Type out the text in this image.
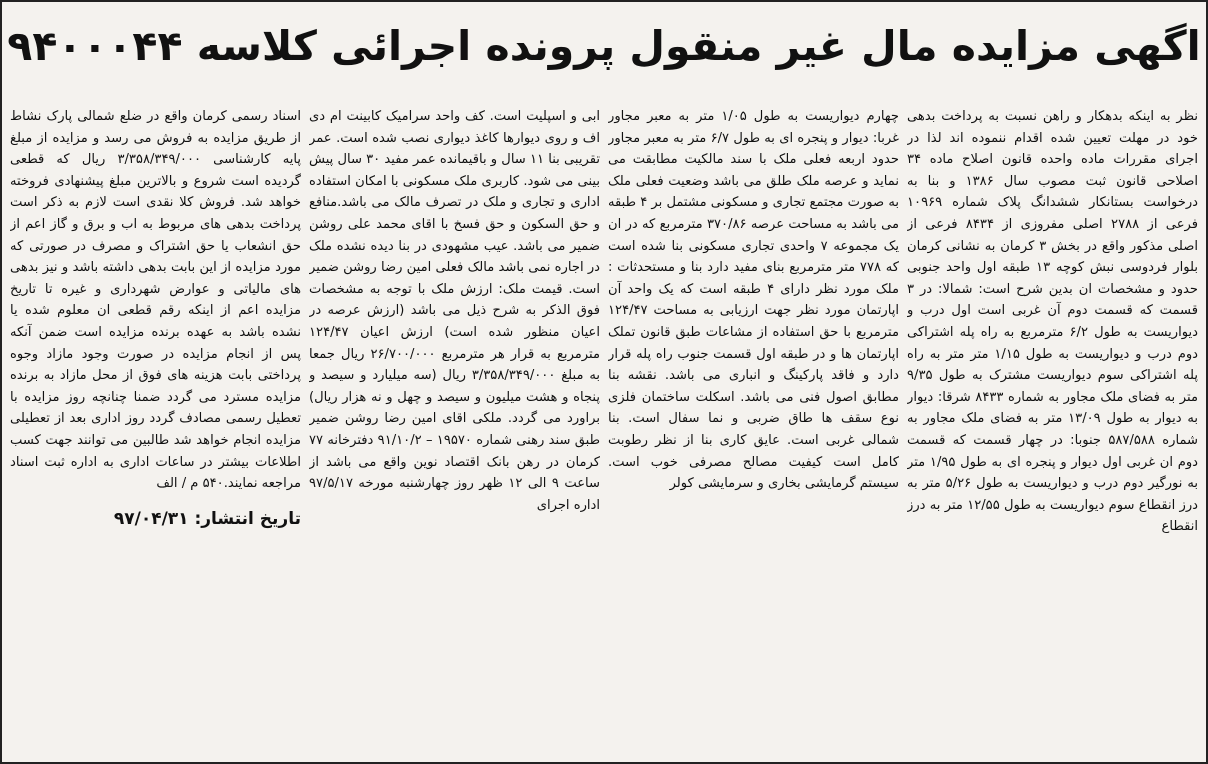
اگهی مزایده مال غیر منقول پرونده اجرائی کلاسه ۹۴۰۰۰۴۴

نظر به اینکه بدهکار و راهن نسبت به پرداخت بدهی خود در مهلت تعیین شده اقدام ننموده اند لذا در اجرای مقررات ماده واحده قانون اصلاح ماده ۳۴ اصلاحی قانون ثبت مصوب سال ۱۳۸۶ و بنا به درخواست بستانکار ششدانگ پلاک شماره ۱۰۹۶۹ فرعی از ۲۷۸۸ اصلی مفروزی از ۸۴۳۴ فرعی از اصلی مذکور واقع در بخش ۳ کرمان به نشانی کرمان بلوار فردوسی نبش کوچه ۱۳ طبقه اول واحد جنوبی حدود و مشخصات ان بدین شرح است: شمالا: در ۳ قسمت که قسمت دوم آن غربی است اول درب و دیواریست به طول ۶/۲ مترمربع به راه پله اشتراکی دوم درب و دیواریست به طول ۱/۱۵ متر متر به راه پله اشتراکی سوم دیواریست مشترک به طول ۹/۳۵ متر به فضای ملک مجاور به شماره ۸۴۳۳ شرقا: دیوار به دیوار به طول ۱۳/۰۹ متر به فضای ملک مجاور به شماره ۵۸۷/۵۸۸ جنوبا: در چهار قسمت که قسمت دوم ان غربی اول دیوار و پنجره ای به طول ۱/۹۵ متر به نورگیر دوم درب و دیواریست به طول ۵/۲۶ متر به درز انقطاع سوم دیواریست به طول ۱۲/۵۵ متر به درز انقطاع

چهارم دیواریست به طول ۱/۰۵ متر به معبر مجاور غربا: دیوار و پنجره ای به طول ۶/۷ متر به معبر مجاور حدود اربعه فعلی ملک با سند مالکیت مطابقت می نماید و عرصه ملک طلق می باشد وضعیت فعلی ملک به صورت مجتمع تجاری و مسکونی مشتمل بر ۴ طبقه می باشد به مساحت عرصه ۳۷۰/۸۶ مترمربع که در ان یک مجموعه ۷ واحدی تجاری مسکونی بنا شده است که ۷۷۸ متر مترمربع بنای مفید دارد بنا و مستحدثات : ملک مورد نظر دارای ۴ طبقه است که یک واحد آن اپارتمان مورد نظر جهت ارزیابی به مساحت ۱۲۴/۴۷ مترمربع با حق استفاده از مشاعات طبق قانون تملک اپارتمان ها و در طبقه اول قسمت جنوب راه پله قرار دارد و فاقد پارکینگ و انباری می باشد. نقشه بنا مطابق اصول فنی می باشد. اسکلت ساختمان فلزی نوع سقف ها طاق ضربی و نما سفال است. بنا شمالی غربی است. عایق کاری بنا از نظر رطوبت کامل است کیفیت مصالح مصرفی خوب است. سیستم گرمایشی بخاری و سرمایشی کولر

ابی و اسپلیت است. کف واحد سرامیک کابینت ام دی اف و روی دیوارها کاغذ دیواری نصب شده است. عمر تقریبی بنا ۱۱ سال و باقیمانده عمر مفید ۳۰ سال پیش بینی می شود. کاربری ملک مسکونی با امکان استفاده اداری و تجاری و ملک در تصرف مالک می باشد.منافع و حق السکون و حق فسخ با اقای محمد علی روشن ضمیر می باشد. عیب مشهودی در بنا دیده نشده ملک در اجاره نمی باشد مالک فعلی امین رضا روشن ضمیر است. قیمت ملک: ارزش ملک با توجه به مشخصات فوق الذکر به شرح ذیل می باشد (ارزش عرصه در اعیان منظور شده است) ارزش اعیان ۱۲۴/۴۷ مترمربع به قرار هر مترمربع ۲۶/۷۰۰/۰۰۰ ریال جمعا به مبلغ ۳/۳۵۸/۳۴۹/۰۰۰ ریال (سه میلیارد و سیصد و پنجاه و هشت میلیون و سیصد و چهل و نه هزار ریال) براورد می گردد. ملکی اقای امین رضا روشن ضمیر طبق سند رهنی شماره ۱۹۵۷۰ – ۹۱/۱۰/۲ دفترخانه ۷۷ کرمان در رهن بانک اقتصاد نوین واقع می باشد از ساعت ۹ الی ۱۲ ظهر روز چهارشنبه مورخه ۹۷/۵/۱۷ اداره اجرای

اسناد رسمی کرمان واقع در ضلع شمالی پارک نشاط از طریق مزایده به فروش می رسد و مزایده از مبلغ پایه کارشناسی ۳/۳۵۸/۳۴۹/۰۰۰ ریال که قطعی گردیده است شروع و بالاترین مبلغ پیشنهادی فروخته خواهد شد. فروش کلا نقدی است لازم به ذکر است پرداخت بدهی های مربوط به اب و برق و گاز اعم از حق انشعاب یا حق اشتراک و مصرف در صورتی که مورد مزایده از این بابت بدهی داشته باشد و نیز بدهی های مالیاتی و عوارض شهرداری و غیره تا تاریخ مزایده اعم از اینکه رقم قطعی ان معلوم شده یا نشده باشد به عهده برنده مزایده است ضمن آنکه پس از انجام مزایده در صورت وجود مازاد وجوه پرداختی بابت هزینه های فوق از محل مازاد به برنده مزایده مسترد می گردد ضمنا چنانچه روز مزایده با تعطیل رسمی مصادف گردد روز اداری بعد از تعطیلی مزایده انجام خواهد شد طالبین می توانند جهت کسب اطلاعات بیشتر در ساعات اداری به اداره ثبت اسناد مراجعه نمایند.۵۴۰ م / الف

تاریخ انتشار: ۹۷/۰۴/۳۱
